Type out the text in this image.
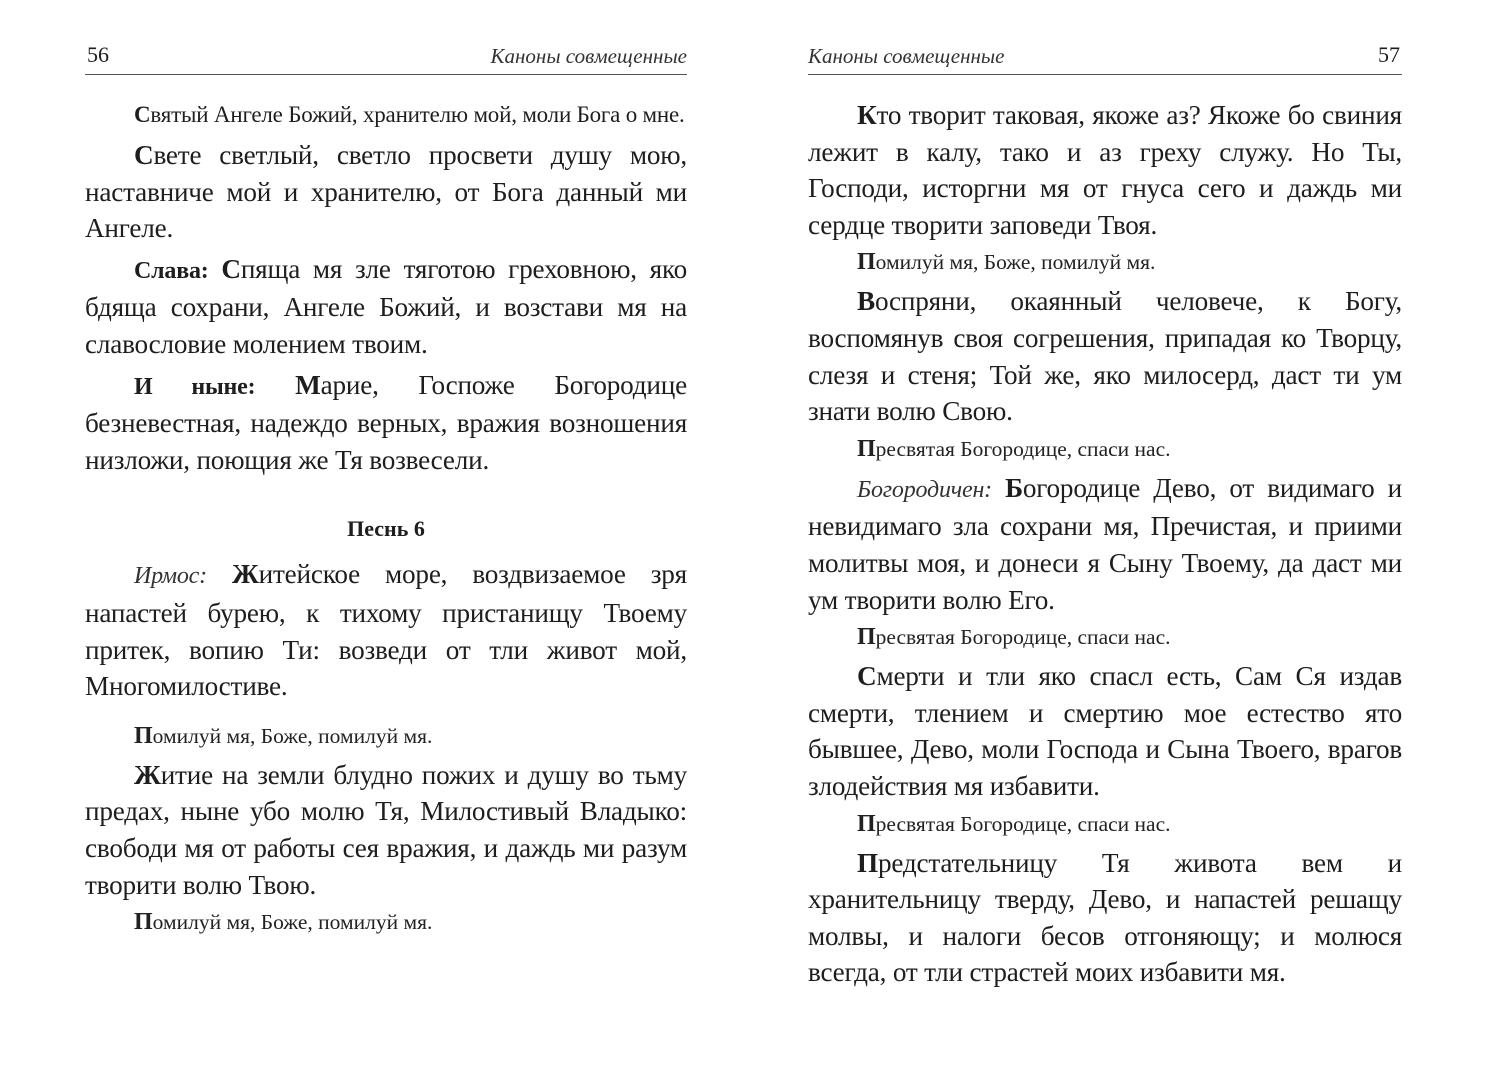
56	Каноны совмещенные

Святый Ангеле Божий, хранителю мой, моли Бога о мне.

Свете светлый, светло просвети душу мою, наставниче мой и хранителю, от Бога данный ми Ангеле.

Слава: Спяща мя зле тяготою греховною, яко бдяща сохрани, Ангеле Божий, и возстави мя на славословие молением твоим.

И ныне: Марие, Госпоже Богородице безневестная, надеждо верных, вражия возношения низложи, поющия же Тя возвесели.

Песнь 6

Ирмос: Житейское море, воздвизаемое зря напастей бурею, к тихому пристанищу Твоему притек, вопию Ти: возведи от тли живот мой, Многомилостиве.

Помилуй мя, Боже, помилуй мя.

Житие на земли блудно пожих и душу во тьму предах, ныне убо молю Тя, Милостивый Владыко: свободи мя от работы сея вражия, и даждь ми разум творити волю Твою.

Помилуй мя, Боже, помилуй мя.

Каноны совмещенные	57

Кто творит таковая, якоже аз? Якоже бо свиния лежит в калу, тако и аз греху служу. Но Ты, Господи, исторгни мя от гнуса сего и даждь ми сердце творити заповеди Твоя.

Помилуй мя, Боже, помилуй мя.

Воспряни, окаянный человече, к Богу, воспомянув своя согрешения, припадая ко Творцу, слезя и стеня; Той же, яко милосерд, даст ти ум знати волю Свою.

Пресвятая Богородице, спаси нас.

Богородичен: Богородице Дево, от видимаго и невидимаго зла сохрани мя, Пречистая, и приими молитвы моя, и донеси я Сыну Твоему, да даст ми ум творити волю Его.

Пресвятая Богородице, спаси нас.

Смерти и тли яко спасл есть, Сам Ся издав смерти, тлением и смертию мое естество ято бывшее, Дево, моли Господа и Сына Твоего, врагов злодействия мя избавити.

Пресвятая Богородице, спаси нас.

Предстательницу Тя живота вем и хранительницу тверду, Дево, и напастей решащу молвы, и налоги бесов отгоняющу; и молюся всегда, от тли страстей моих избавити мя.
